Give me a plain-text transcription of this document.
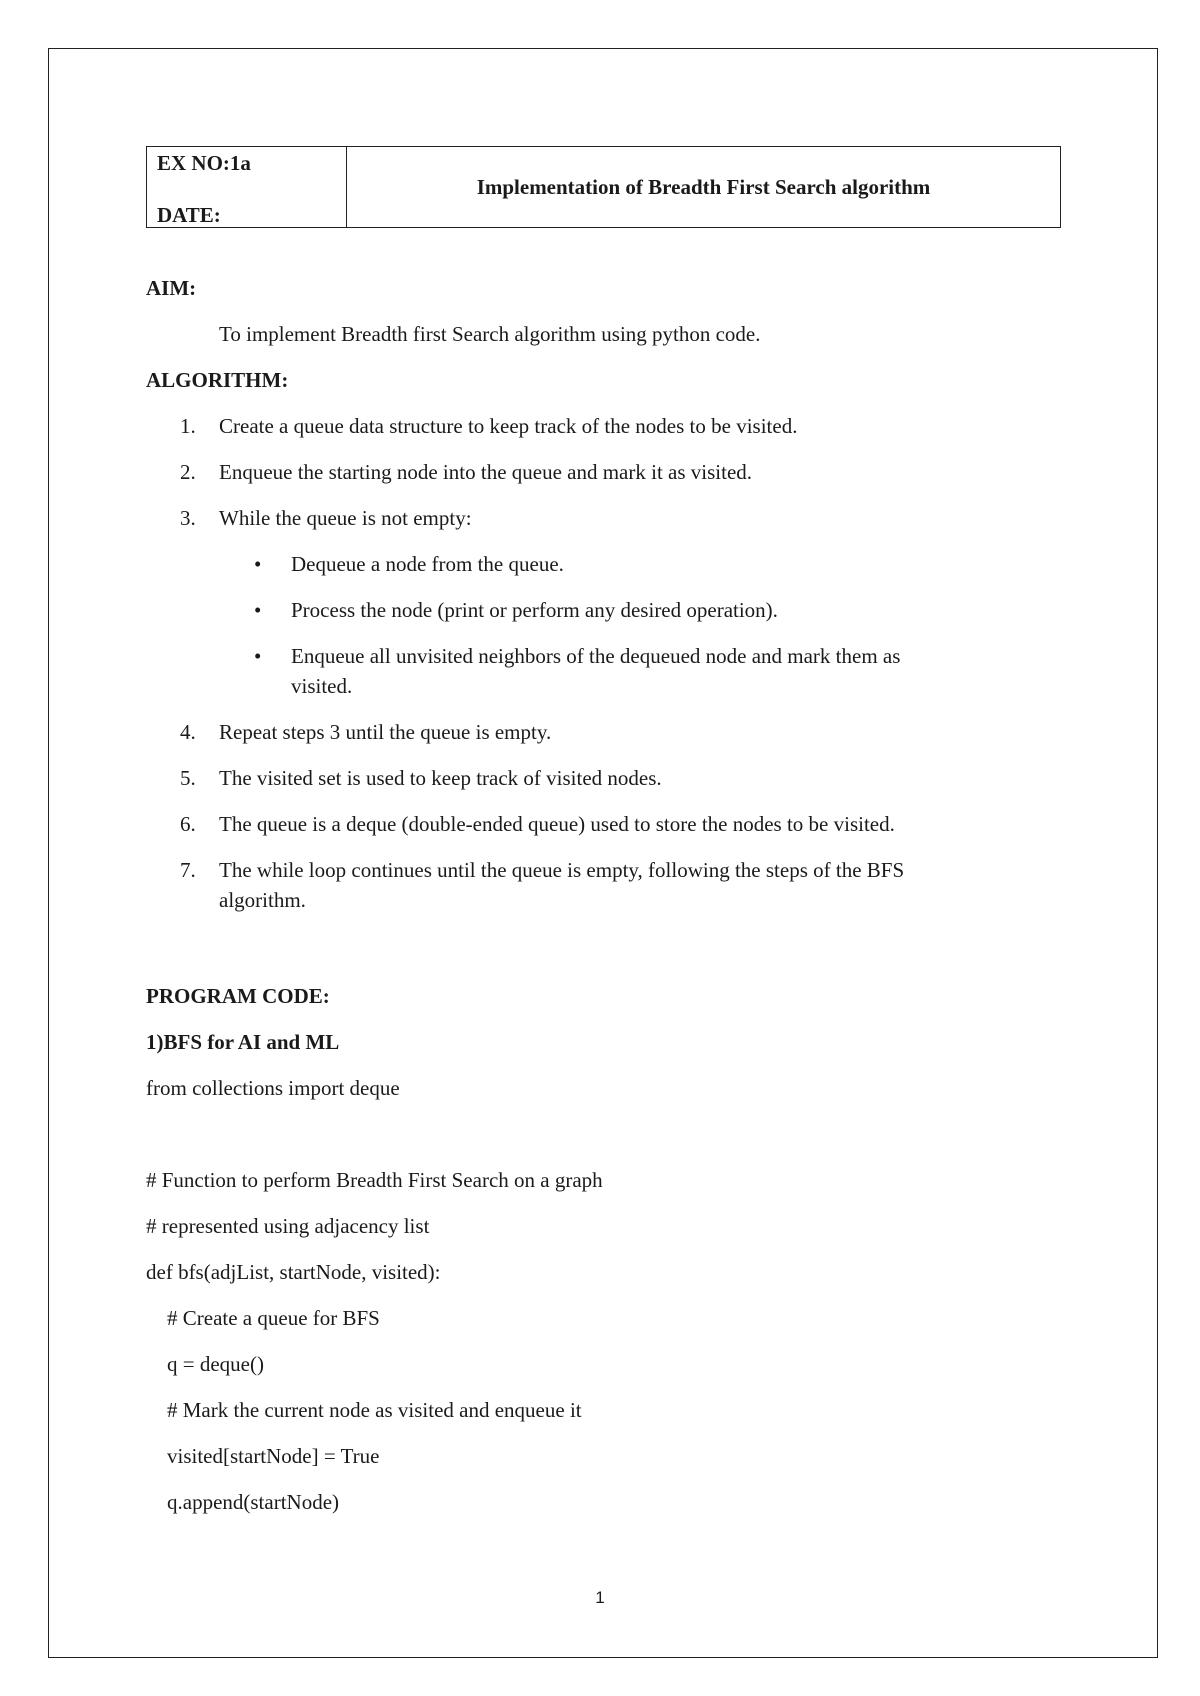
EX NO:1a
DATE:

Implementation of Breadth First Search algorithm
AIM:
To implement Breadth first Search algorithm using python code.
ALGORITHM:
1. Create a queue data structure to keep track of the nodes to be visited.
2. Enqueue the starting node into the queue and mark it as visited.
3. While the queue is not empty:
• Dequeue a node from the queue.
• Process the node (print or perform any desired operation).
• Enqueue all unvisited neighbors of the dequeued node and mark them as
visited.
4. Repeat steps 3 until the queue is empty.
5. The visited set is used to keep track of visited nodes.
6. The queue is a deque (double-ended queue) used to store the nodes to be visited.
7. The while loop continues until the queue is empty, following the steps of the BFS
algorithm.
PROGRAM CODE:
1)BFS for AI and ML
from collections import deque
# Function to perform Breadth First Search on a graph
# represented using adjacency list
def bfs(adjList, startNode, visited):
# Create a queue for BFS
q = deque()
# Mark the current node as visited and enqueue it
visited[startNode] = True
q.append(startNode)
1
